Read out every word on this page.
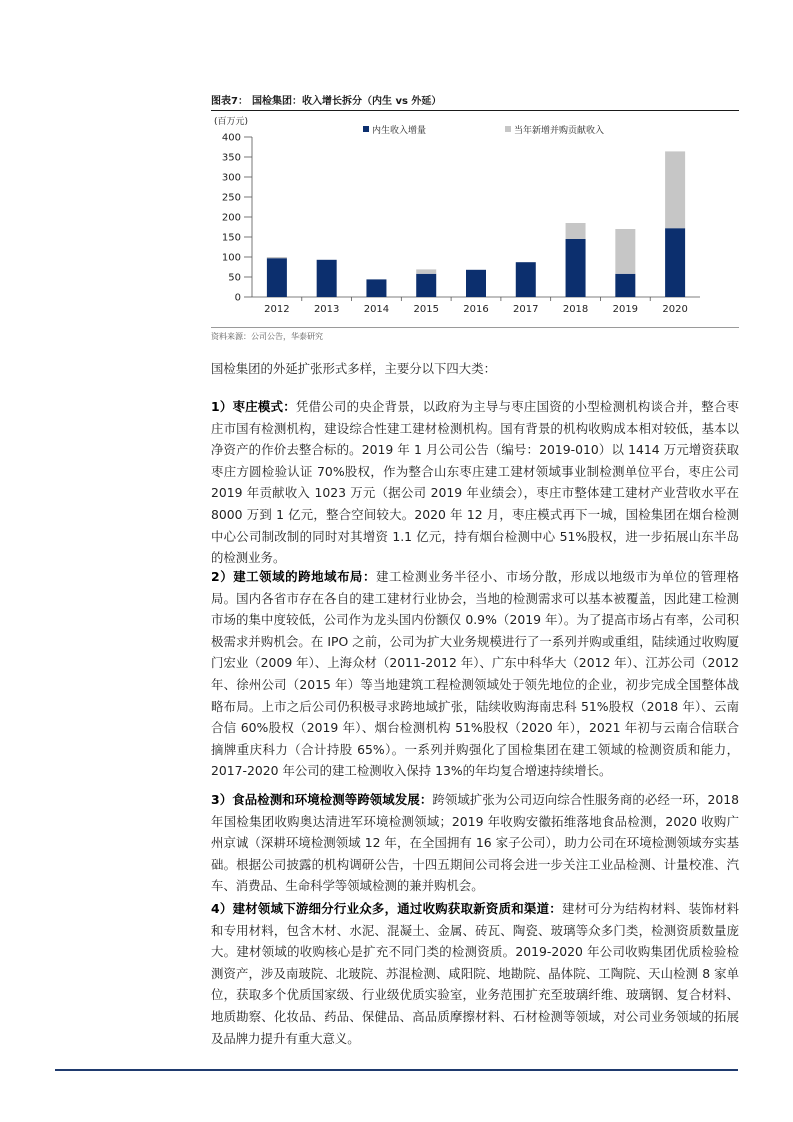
图表7： 国检集团：收入增长拆分（内生 vs 外延）
(百万元)
0
50
100
150
200
250
300
350
400
2012 2013 2014 2015 2016 2017 2018 2019 2020
内生收入增量	当年新增并购贡献收入
资料来源：公司公告，华泰研究
国检集团的外延扩张形式多样，主要分以下四大类：
1）枣庄模式：凭借公司的央企背景，以政府为主导与枣庄国资的小型检测机构谈合并，整合枣庄市国有检测机构，建设综合性建工建材检测机构。国有背景的机构收购成本相对较低，基本以净资产的作价去整合标的。2019 年 1 月公司公告（编号：2019-010）以 1414 万元增资获取枣庄方圆检验认证 70%股权，作为整合山东枣庄建工建材领域事业制检测单位平台，枣庄公司 2019 年贡献收入 1023 万元（据公司 2019 年业绩会），枣庄市整体建工建材产业营收水平在 8000 万到 1 亿元，整合空间较大。2020 年 12 月，枣庄模式再下一城，国检集团在烟台检测中心公司制改制的同时对其增资 1.1 亿元，持有烟台检测中心 51%股权，进一步拓展山东半岛的检测业务。
2）建工领域的跨地域布局：建工检测业务半径小、市场分散，形成以地级市为单位的管理格局。国内各省市存在各自的建工建材行业协会，当地的检测需求可以基本被覆盖，因此建工检测市场的集中度较低，公司作为龙头国内份额仅 0.9%（2019 年）。为了提高市场占有率，公司积极需求并购机会。在 IPO 之前，公司为扩大业务规模进行了一系列并购或重组，陆续通过收购厦门宏业（2009 年）、上海众材（2011-2012 年）、广东中科华大（2012 年）、江苏公司（2012 年、徐州公司（2015 年）等当地建筑工程检测领域处于领先地位的企业，初步完成全国整体战略布局。上市之后公司仍积极寻求跨地域扩张，陆续收购海南忠科 51%股权（2018 年）、云南合信 60%股权（2019 年）、烟台检测机构 51%股权（2020 年），2021 年初与云南合信联合摘牌重庆科力（合计持股 65%）。一系列并购强化了国检集团在建工领域的检测资质和能力，2017-2020 年公司的建工检测收入保持 13%的年均复合增速持续增长。
3）食品检测和环境检测等跨领域发展：跨领域扩张为公司迈向综合性服务商的必经一环，2018 年国检集团收购奥达清进军环境检测领域；2019 年收购安徽拓维落地食品检测，2020 收购广州京诚（深耕环境检测领域 12 年，在全国拥有 16 家子公司），助力公司在环境检测领域夯实基础。根据公司披露的机构调研公告，十四五期间公司将会进一步关注工业品检测、计量校准、汽车、消费品、生命科学等领域检测的兼并购机会。
4）建材领域下游细分行业众多，通过收购获取新资质和渠道：建材可分为结构材料、装饰材料和专用材料，包含木材、水泥、混凝土、金属、砖瓦、陶瓷、玻璃等众多门类，检测资质数量庞大。建材领域的收购核心是扩充不同门类的检测资质。2019-2020 年公司收购集团优质检验检测资产，涉及南玻院、北玻院、苏混检测、咸阳院、地勘院、晶体院、工陶院、天山检测 8 家单位，获取多个优质国家级、行业级优质实验室，业务范围扩充至玻璃纤维、玻璃钢、复合材料、地质勘察、化妆品、药品、保健品、高品质摩擦材料、石材检测等领域，对公司业务领域的拓展及品牌力提升有重大意义。
